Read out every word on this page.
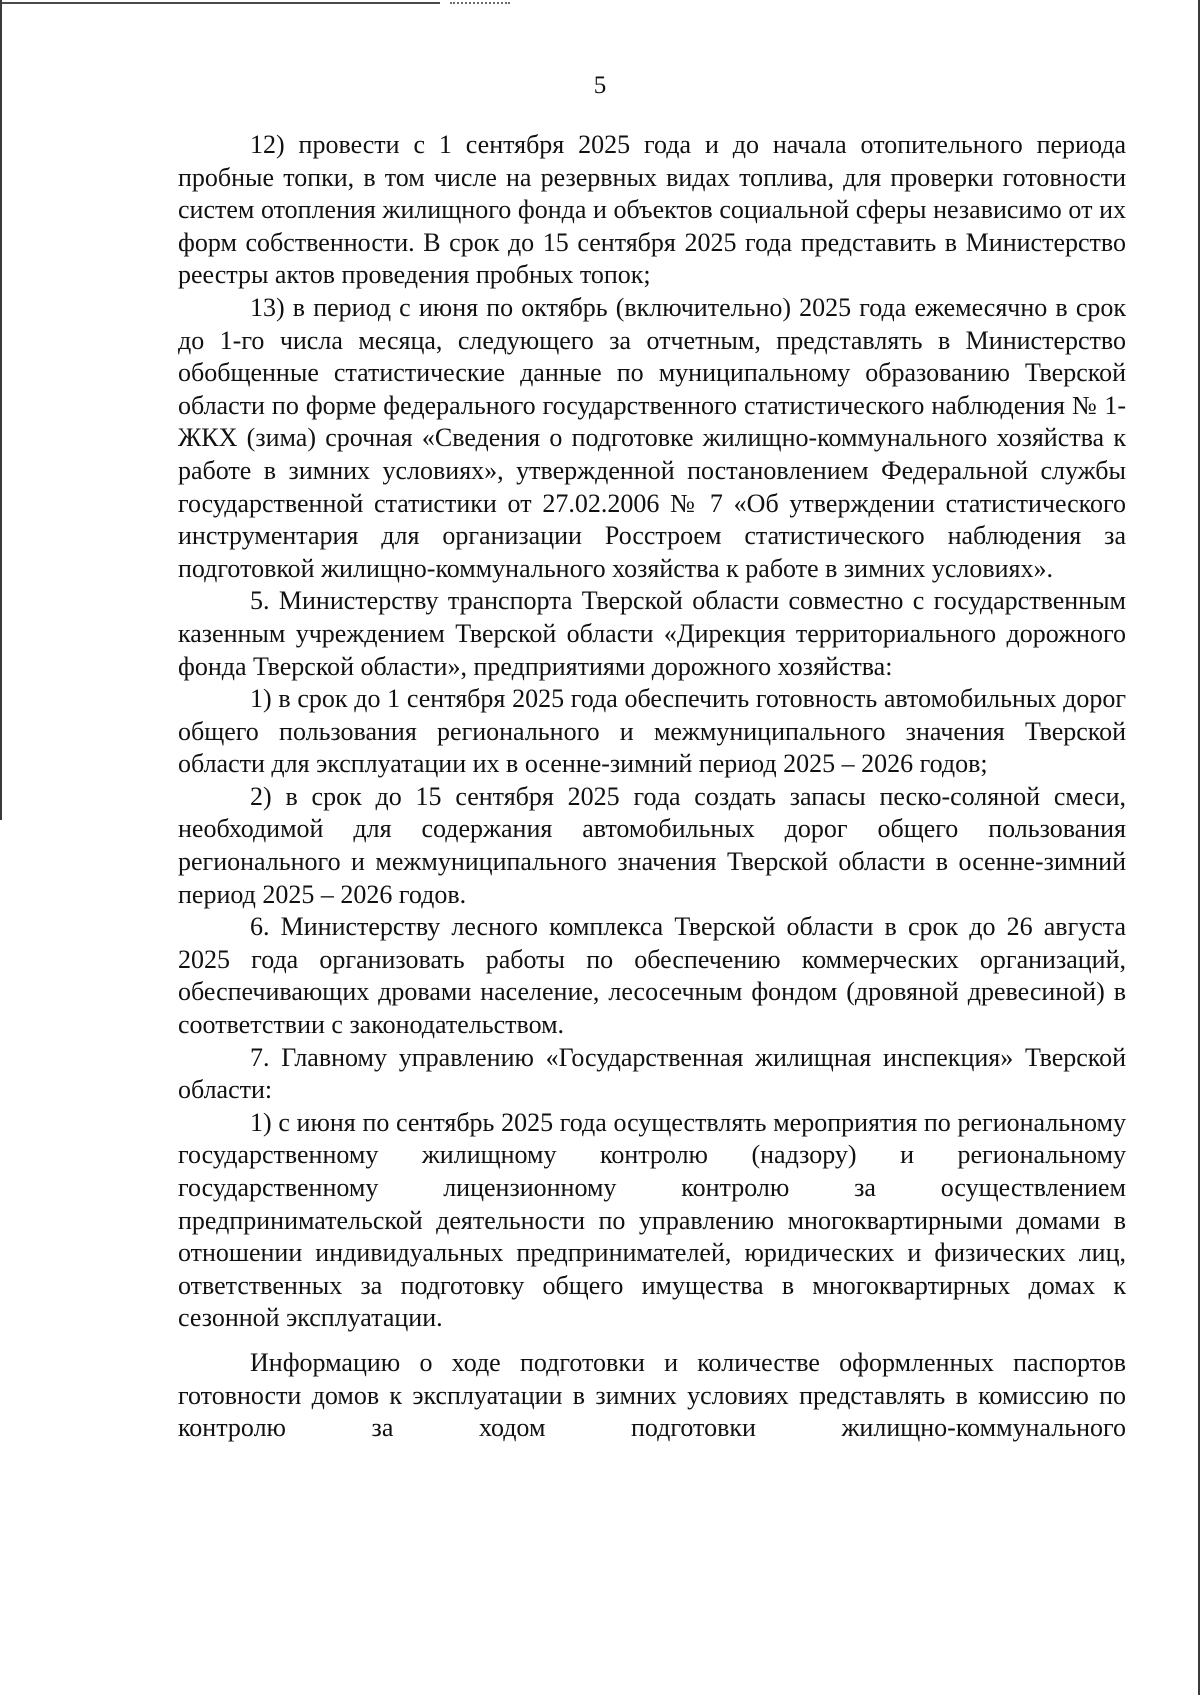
5

12) провести с 1 сентября 2025 года и до начала отопительного периода пробные топки, в том числе на резервных видах топлива, для проверки готовности систем отопления жилищного фонда и объектов социальной сферы независимо от их форм собственности. В срок до 15 сентября 2025 года представить в Министерство реестры актов проведения пробных топок;

13) в период с июня по октябрь (включительно) 2025 года ежемесячно в срок до 1-го числа месяца, следующего за отчетным, представлять в Министерство обобщенные статистические данные по муниципальному образованию Тверской области по форме федерального государственного статистического наблюдения № 1-ЖКХ (зима) срочная «Сведения о подготовке жилищно-коммунального хозяйства к работе в зимних условиях», утвержденной постановлением Федеральной службы государственной статистики от 27.02.2006 № 7 «Об утверждении статистического инструментария для организации Росстроем статистического наблюдения за подготовкой жилищно-коммунального хозяйства к работе в зимних условиях».

5. Министерству транспорта Тверской области совместно с государственным казенным учреждением Тверской области «Дирекция территориального дорожного фонда Тверской области», предприятиями дорожного хозяйства:

1) в срок до 1 сентября 2025 года обеспечить готовность автомобильных дорог общего пользования регионального и межмуниципального значения Тверской области для эксплуатации их в осенне-зимний период 2025 – 2026 годов;

2) в срок до 15 сентября 2025 года создать запасы песко-соляной смеси, необходимой для содержания автомобильных дорог общего пользования регионального и межмуниципального значения Тверской области в осенне-зимний период 2025 – 2026 годов.

6. Министерству лесного комплекса Тверской области в срок до 26 августа 2025 года организовать работы по обеспечению коммерческих организаций, обеспечивающих дровами население, лесосечным фондом (дровяной древесиной) в соответствии с законодательством.

7. Главному управлению «Государственная жилищная инспекция» Тверской области:

1) с июня по сентябрь 2025 года осуществлять мероприятия по региональному государственному жилищному контролю (надзору) и региональному государственному лицензионному контролю за осуществлением предпринимательской деятельности по управлению многоквартирными домами в отношении индивидуальных предпринимателей, юридических и физических лиц, ответственных за подготовку общего имущества в многоквартирных домах к сезонной эксплуатации.

Информацию о ходе подготовки и количестве оформленных паспортов готовности домов к эксплуатации в зимних условиях представлять в комиссию по контролю за ходом подготовки жилищно-коммунального
